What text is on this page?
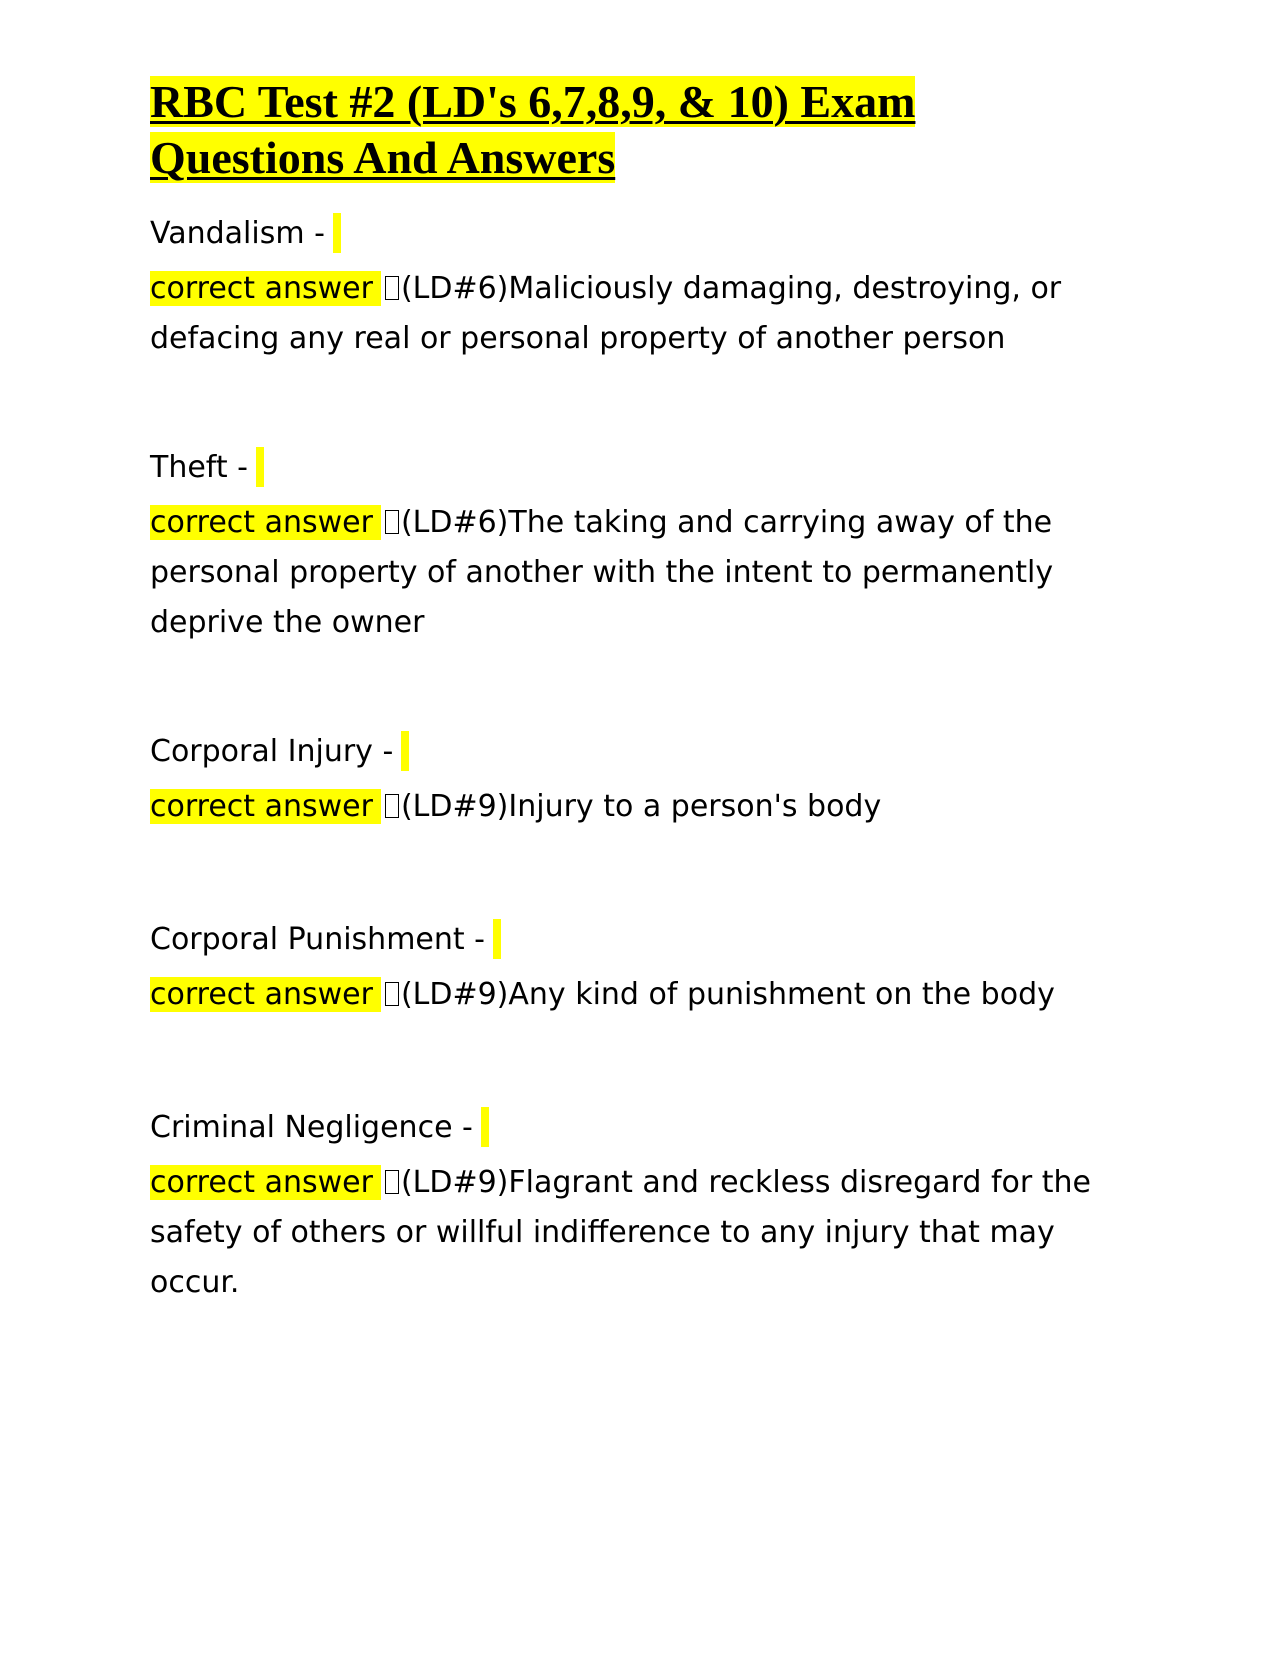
RBC Test #2 (LD's 6,7,8,9, & 10) Exam
Questions And Answers
Vandalism -
correct answer (LD#6)Maliciously damaging, destroying, or defacing any real or personal property of another person
Theft -
correct answer (LD#6)The taking and carrying away of the personal property of another with the intent to permanently deprive the owner
Corporal Injury -
correct answer (LD#9)Injury to a person's body
Corporal Punishment -
correct answer (LD#9)Any kind of punishment on the body
Criminal Negligence -
correct answer (LD#9)Flagrant and reckless disregard for the safety of others or willful indifference to any injury that may occur.
